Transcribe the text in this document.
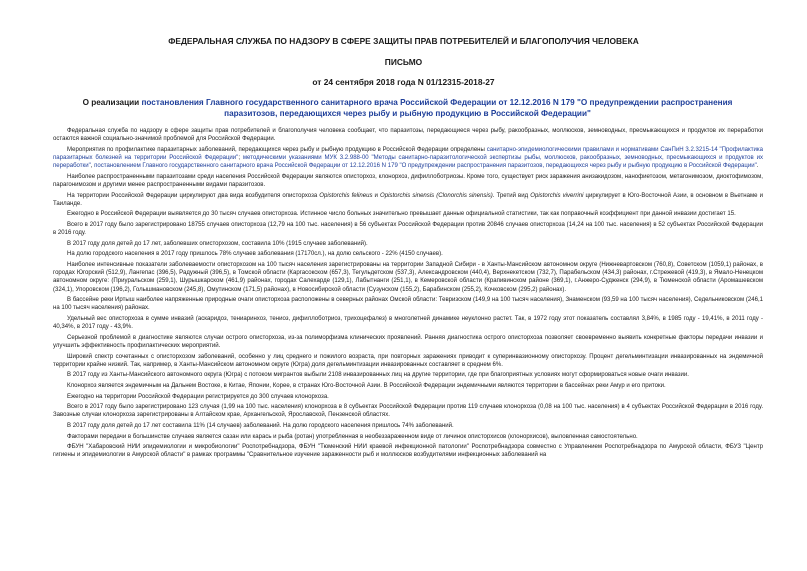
ФЕДЕРАЛЬНАЯ СЛУЖБА ПО НАДЗОРУ В СФЕРЕ ЗАЩИТЫ ПРАВ ПОТРЕБИТЕЛЕЙ И БЛАГОПОЛУЧИЯ ЧЕЛОВЕКА
ПИСЬМО
от 24 сентября 2018 года N 01/12315-2018-27
О реализации постановления Главного государственного санитарного врача Российской Федерации от 12.12.2016 N 179 "О предупреждении распространения паразитозов, передающихся через рыбу и рыбную продукцию в Российской Федерации"

Федеральная служба по надзору в сфере защиты прав потребителей и благополучия человека сообщает, что паразитозы, передающиеся через рыбу, ракообразных, моллюсков, земноводных, пресмыкающихся и продуктов их переработки остаются важной социально-значимой проблемой для Российской Федерации.

Мероприятия по профилактике паразитарных заболеваний, передающихся через рыбу и рыбную продукцию в Российской Федерации определены санитарно-эпидемиологическими правилами и нормативами СанПиН 3.2.3215-14 "Профилактика паразитарных болезней на территории Российской Федерации"; методическими указаниями МУК 3.2.988-00 "Методы санитарно-паразитологической экспертизы рыбы, моллюсков, ракообразных, земноводных, пресмыкающихся и продуктов их переработки", постановлением Главного государственного санитарного врача Российской Федерации от 12.12.2016 N 179 "О предупреждении распространения паразитозов, передающихся через рыбу и рыбную продукцию в Российской Федерации".

Наиболее распространенными паразитозами среди населения Российской Федерации являются описторхоз, клонорхоз, дифиллоботриозы. Кроме того, существует риск заражения анизакидозом, нанофиетозом, метагонимозом, диоктофимозом, парагонимозом и другими менее распространенными видами паразитозов.

На территории Российской Федерации циркулируют два вида возбудителя описторхоза Opistorchis felineus и Opistorchis sinensis (Clonorchis sinensis). Третий вид Opistorchis viverrini циркулирует в Юго-Восточной Азии, в основном в Вьетнаме и Таиланде.

Ежегодно в Российской Федерации выявляется до 30 тысяч случаев описторхоза. Истинное число больных значительно превышает данные официальной статистики, так как поправочный коэффициент при данной инвазии достигает 15.

Всего в 2017 году было зарегистрировано 18755 случаев описторхоза (12,79 на 100 тыс. населения) в 56 субъектах Российской Федерации против 20846 случаев описторхоза (14,24 на 100 тыс. населения) в 52 субъектах Российской Федерации в 2016 году.

В 2017 году доля детей до 17 лет, заболевших описторхозом, составила 10% (1915 случаев заболеваний).

На долю городского населения в 2017 году пришлось 78% случаев заболевания (17170сл.), на долю сельского - 22% (4150 случаев).

Наиболее интенсивные показатели заболеваемости описторхозом на 100 тысяч населения зарегистрированы на территории Западной Сибири - в Ханты-Мансийском автономном округе (Нижневартовском (760,8), Советском (1059,1) районах, в городах Югорский (512,9), Лангепас (396,5), Радужный (396,5), в Томской области (Каргасокском (657,3), Тегульдетском (537,3), Александровском (440,4), Верхнекетском (732,7), Парабельском (434,3) районах, г.Стрежевой (419,3), в Ямало-Ненецком автономном округе: (Приуральском (259,1), Шурышкарском (461,9) районах, городах Салехарде (129,1), Лабытнанги (251,1), в Кемеровской области (Крапивинском районе (369,1), г.Анжеро-Судженск (294,9), в Тюменской области (Аромашевском (324,1), Упоровском (196,2), Голышмановском (245,8), Омутинском (171,5) районах), в Новосибирской области (Сузунском (155,2), Барабинском (255,2), Кочковском (295,2) районах).

В бассейне реки Иртыш наиболее напряженные природные очаги описторхоза расположены в северных районах Омской области: Тевризском (149,9 на 100 тысяч населения), Знаменском (93,59 на 100 тысяч населения), Седельниковском (246,1 на 100 тысяч населения) районах.

Удельный вес описторхоза в сумме инвазий (аскаридоз, тениаринхоз, тениоз, дифиллоботриоз, трихоцефалез) в многолетней динамике неуклонно растет. Так, в 1972 году этот показатель составлял 3,84%, в 1985 году - 19,41%, в 2011 году - 40,34%, в 2017 году - 43,9%.

Серьезной проблемой в диагностике являются случаи острого описторхоза, из-за полиморфизма клинических проявлений. Ранняя диагностика острого описторхоза позволяет своевременно выявить конкретные факторы передачи инвазии и улучшить эффективность профилактических мероприятий.

Широкий спектр сочетанных с описторхозом заболеваний, особенно у лиц среднего и пожилого возраста, при повторных заражениях приводит к суперинвазионному описторхозу. Процент дегельминтизации инвазированных на эндемичной территории крайне низкий. Так, например, в Ханты-Мансийском автономном округе (Югра) доля дегельминтизации инвазированных составляет в среднем 6%.

В 2017 году из Ханты-Мансийского автономного округа (Югра) с потоком мигрантов выбыли 2108 инвазированных лиц на другие территории, где при благоприятных условиях могут сформироваться новые очаги инвазии.

Клонорхоз является эндемичным на Дальнем Востоке, в Китае, Японии, Корее, в странах Юго-Восточной Азии. В Российской Федерации эндемичными являются территории в бассейнах реки Амур и его притоки.

Ежегодно на территории Российской Федерации регистрируется до 300 случаев клонорхоза.

Всего в 2017 году было зарегистрировано 123 случая (1,99 на 100 тыс. населения) клонорхоза в 8 субъектах Российской Федерации против 119 случаев клонорхоза (0,08 на 100 тыс. населения) в 4 субъектах Российской Федерации в 2016 году. Завозные случаи клонорхоза зарегистрированы в Алтайском крае, Архангельской, Ярославской, Пензенской областях.

В 2017 году доля детей до 17 лет составила 11% (14 случаев) заболеваний. На долю городского населения пришлось 74% заболеваний.

Факторами передачи в большинстве случаев является сазан или карась и рыба (ротан) употребленная в необеззараженном виде от личинок описторхисов (клонорхисов), выловленная самостоятельно.

ФБУН "Хабаровский НИИ эпидемиологии и микробиологии" Роспотребнадзора, ФБУН "Тюменский НИИ краевой инфекционной патологии" Роспотребнадзора совместно с Управлением Роспотребнадзора по Амурской области, ФБУЗ "Центр гигиены и эпидемиологии в Амурской области" в рамках программы "Сравнительное изучение зараженности рыб и моллюсков возбудителями инфекционных заболеваний на
